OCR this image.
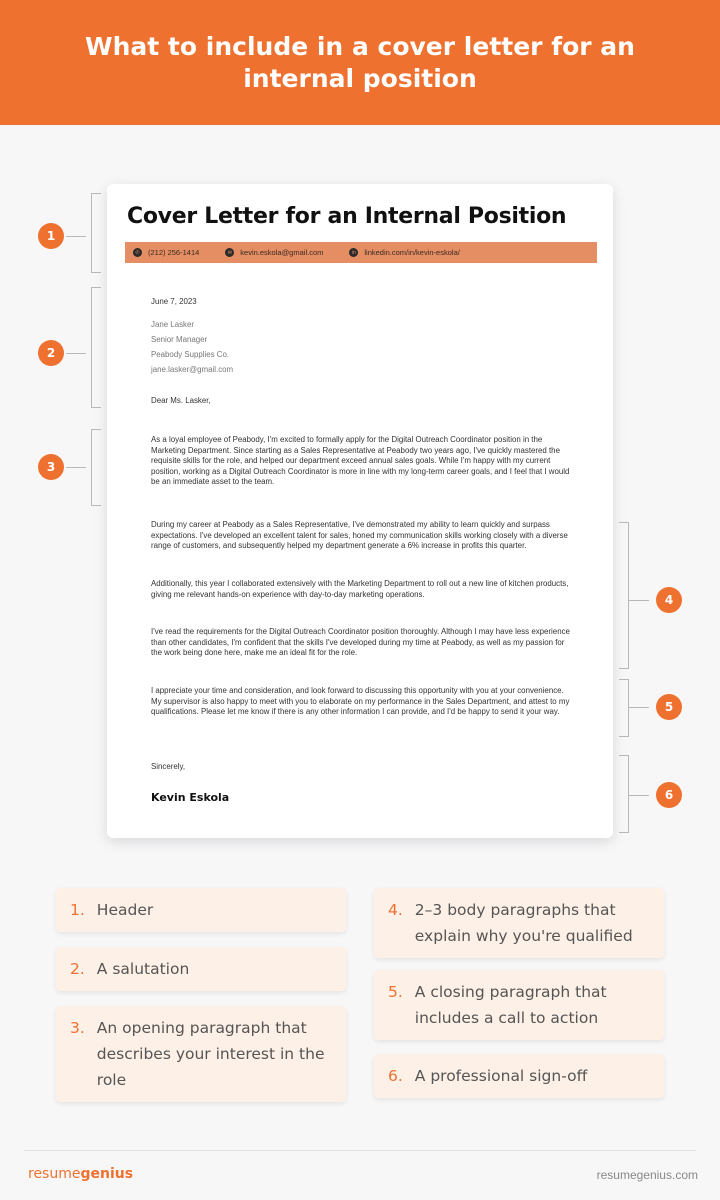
What to include in a cover letter for an internal position
Cover Letter for an Internal Position
✆	(212) 256-1414	✉	kevin.eskola@gmail.com	in	linkedin.com/in/kevin-eskola/
June 7, 2023
Jane Lasker
Senior Manager
Peabody Supplies Co.
jane.lasker@gmail.com
Dear Ms. Lasker,
As a loyal employee of Peabody, I'm excited to formally apply for the Digital Outreach Coordinator position in the Marketing Department. Since starting as a Sales Representative at Peabody two years ago, I've quickly mastered the requisite skills for the role, and helped our department exceed annual sales goals. While I'm happy with my current position, working as a Digital Outreach Coordinator is more in line with my long-term career goals, and I feel that I would be an immediate asset to the team.
During my career at Peabody as a Sales Representative, I've demonstrated my ability to learn quickly and surpass expectations. I've developed an excellent talent for sales, honed my communication skills working closely with a diverse range of customers, and subsequently helped my department generate a 6% increase in profits this quarter.
Additionally, this year I collaborated extensively with the Marketing Department to roll out a new line of kitchen products, giving me relevant hands-on experience with day-to-day marketing operations.
I've read the requirements for the Digital Outreach Coordinator position thoroughly. Although I may have less experience than other candidates, I'm confident that the skills I've developed during my time at Peabody, as well as my passion for the work being done here, make me an ideal fit for the role.
I appreciate your time and consideration, and look forward to discussing this opportunity with you at your convenience. My supervisor is also happy to meet with you to elaborate on my performance in the Sales Department, and attest to my qualifications. Please let me know if there is any other information I can provide, and I'd be happy to send it your way.
Sincerely,
Kevin Eskola
1
2
3
4
5
6
1. Header
2. A salutation
3. An opening paragraph that describes your interest in the role
4. 2–3 body paragraphs that explain why you're qualified
5. A closing paragraph that includes a call to action
6. A professional sign-off
resumegenius	resumegenius.com
